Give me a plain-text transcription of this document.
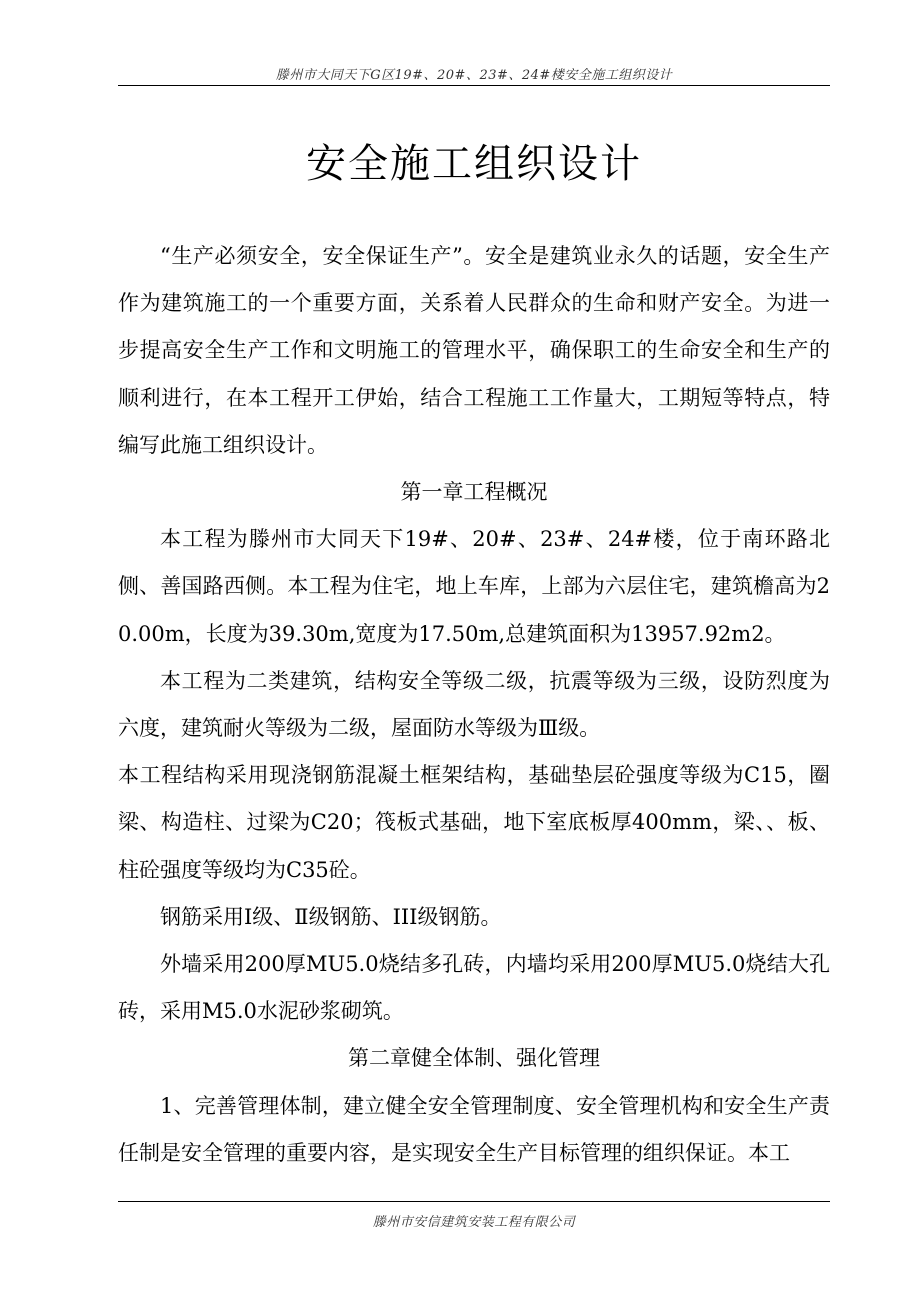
滕州市大同天下G区19#、20#、23#、24#楼安全施工组织设计
安全施工组织设计

“生产必须安全，安全保证生产”。安全是建筑业永久的话题，安全生产作为建筑施工的一个重要方面，关系着人民群众的生命和财产安全。为进一步提高安全生产工作和文明施工的管理水平，确保职工的生命安全和生产的顺利进行，在本工程开工伊始，结合工程施工工作量大，工期短等特点，特编写此施工组织设计。

第一章工程概况

本工程为滕州市大同天下19#、20#、23#、24#楼，位于南环路北侧、善国路西侧。本工程为住宅，地上车库，上部为六层住宅，建筑檐高为20.00m，长度为39.30m,宽度为17.50m,总建筑面积为13957.92m2。

本工程为二类建筑，结构安全等级二级，抗震等级为三级，设防烈度为六度，建筑耐火等级为二级，屋面防水等级为Ⅲ级。

本工程结构采用现浇钢筋混凝土框架结构，基础垫层砼强度等级为C15，圈梁、构造柱、过梁为C20；筏板式基础，地下室底板厚400mm，梁、、板、柱砼强度等级均为C35砼。

钢筋采用Ⅰ级、Ⅱ级钢筋、III级钢筋。

外墙采用200厚MU5.0烧结多孔砖，内墙均采用200厚MU5.0烧结大孔砖，采用M5.0水泥砂浆砌筑。

第二章健全体制、强化管理

1、完善管理体制，建立健全安全管理制度、安全管理机构和安全生产责任制是安全管理的重要内容，是实现安全生产目标管理的组织保证。本工

滕州市安信建筑安装工程有限公司
